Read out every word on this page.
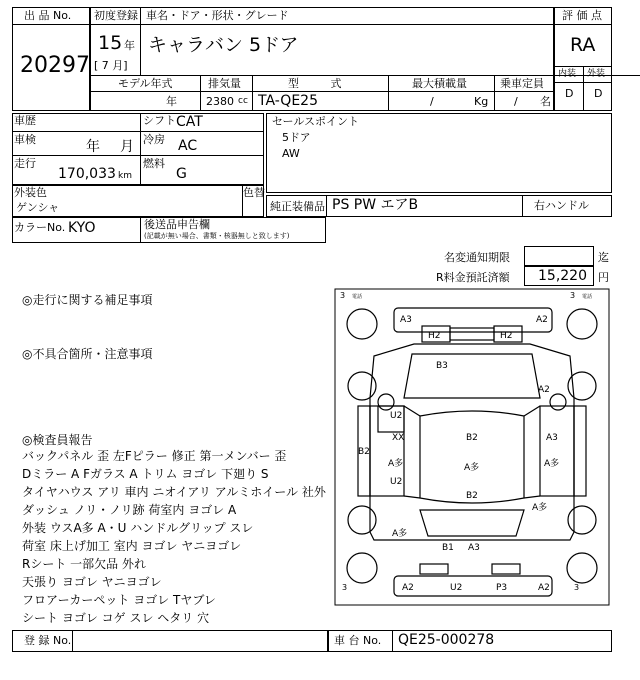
出 品 No.
20297
初度登録 車名・ドア・形状・グレード
15 年
[ 7 月]
キャラバン 5ドア
モデル年式
年
排気量
2380 cc
型 式
TA-QE25
最大積載量
/	Kg
乗車定員
/ 名
評 価 点
RA
内装 外装
D D
車歴	シフト CAT
車検	年 月 冷房 AC
走行
170,033 km
燃料
G
セールスポイント
5ドア
AW
外装色
ゲンシャ
色替
純正装備品 PS PW エアB	右ハンドル
カラーNo. KYO	後送品申告欄
(記載が無い場合、書類・核器無しと致します)
名変通知期限	迄
R料金預託済額 15,220 円
◎走行に関する補足事項
◎不具合箇所・注意事項
◎検査員報告
バックパネル 歪 左Fピラー 修正 第一メンバー 歪
Dミラー A Fガラス A トリム ヨゴレ 下廻り S
タイヤハウス アリ 車内 ニオイアリ アルミホイール 社外
ダッシュ ノリ・ノリ跡 荷室内 ヨゴレ A
外装 ウスA多 A・U ハンドルグリップ スレ
荷室 床上げ加工 室内 ヨゴレ ヤニヨゴレ
Rシート 一部欠品 外れ
天張り ヨゴレ ヤニヨゴレ
フロアーカーペット ヨゴレ Tヤブレ
シート ヨゴレ コゲ スレ ヘタリ 穴
3 電話	3 電話
3	3
A3	A2
H2	H2
B3
A2
U2
XX
A多
U2
B2
B2
A多
B2
A3
A多
A多
A多
B1 A3
A2	U2	P3	A2
登 録 No.	車 台 No. QE25-000278
